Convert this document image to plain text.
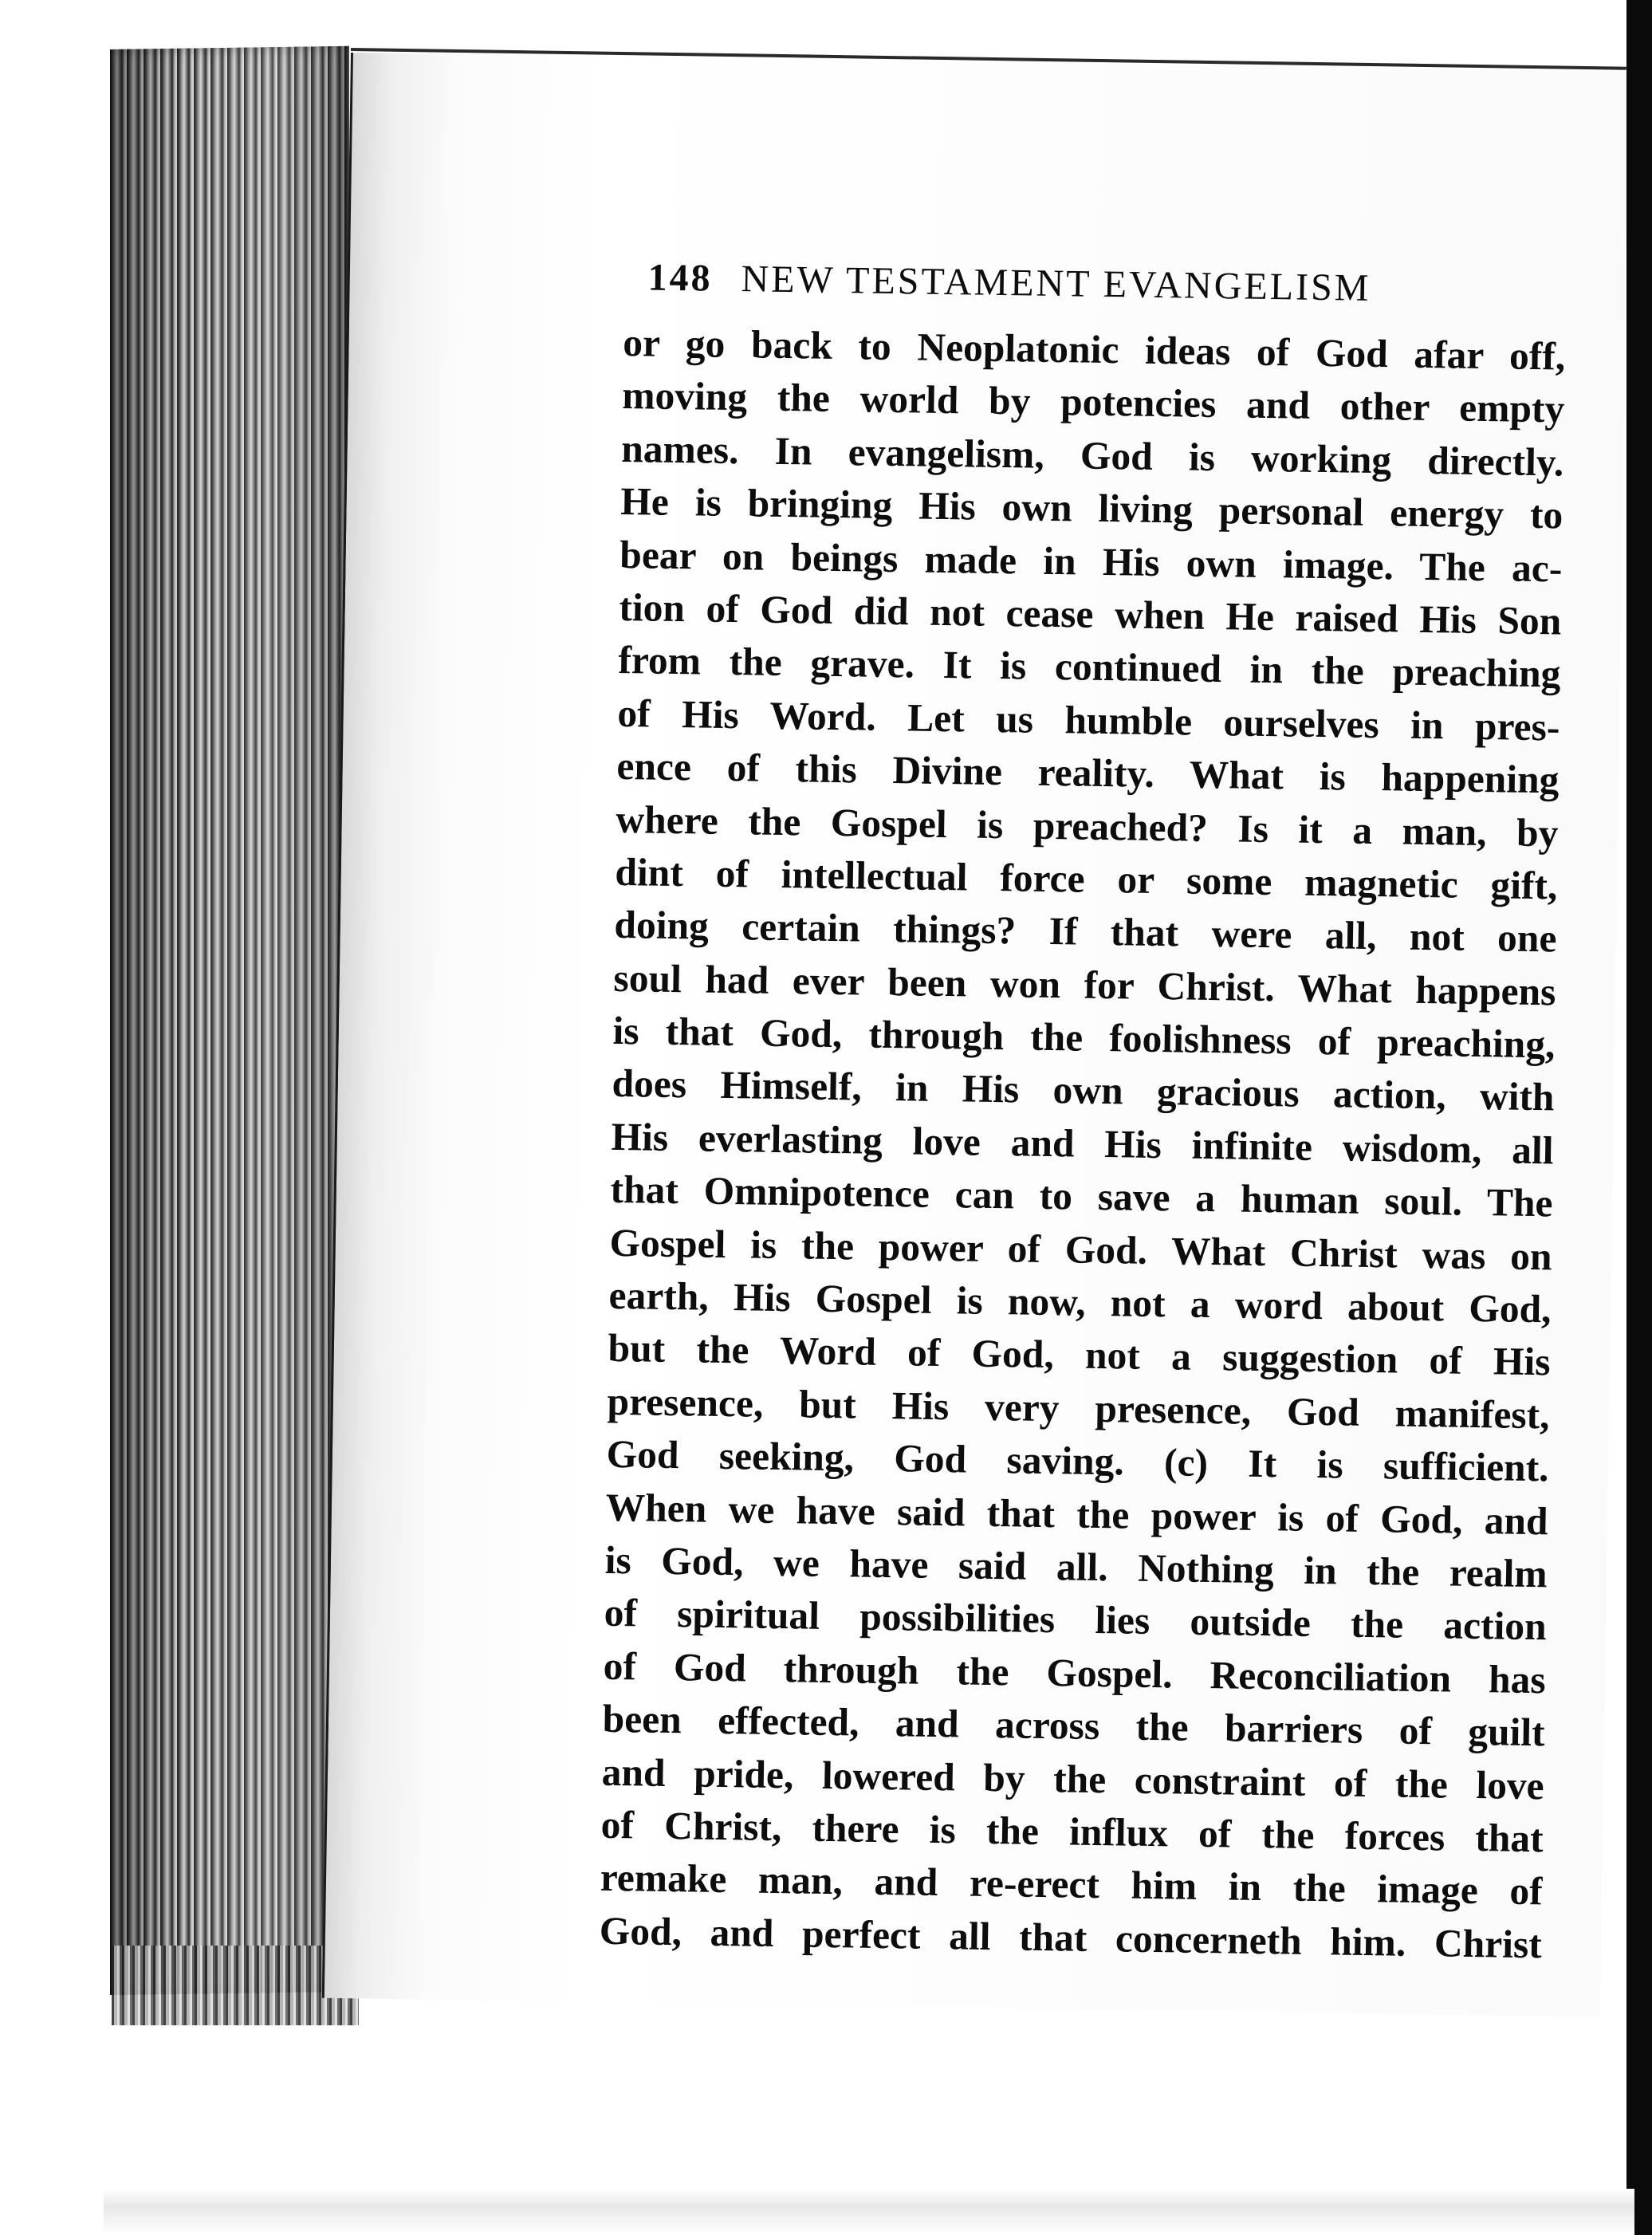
148 NEW TESTAMENT EVANGELISM
or go back to Neoplatonic ideas of God afar off,
moving the world by potencies and other empty
names. In evangelism, God is working directly.
He is bringing His own living personal energy to
bear on beings made in His own image. The ac-
tion of God did not cease when He raised His Son
from the grave. It is continued in the preaching
of His Word. Let us humble ourselves in pres-
ence of this Divine reality. What is happening
where the Gospel is preached? Is it a man, by
dint of intellectual force or some magnetic gift,
doing certain things? If that were all, not one
soul had ever been won for Christ. What happens
is that God, through the foolishness of preaching,
does Himself, in His own gracious action, with
His everlasting love and His infinite wisdom, all
that Omnipotence can to save a human soul. The
Gospel is the power of God. What Christ was on
earth, His Gospel is now, not a word about God,
but the Word of God, not a suggestion of His
presence, but His very presence, God manifest,
God seeking, God saving. (c) It is sufficient.
When we have said that the power is of God, and
is God, we have said all. Nothing in the realm
of spiritual possibilities lies outside the action
of God through the Gospel. Reconciliation has
been effected, and across the barriers of guilt
and pride, lowered by the constraint of the love
of Christ, there is the influx of the forces that
remake man, and re-erect him in the image of
God, and perfect all that concerneth him. Christ
